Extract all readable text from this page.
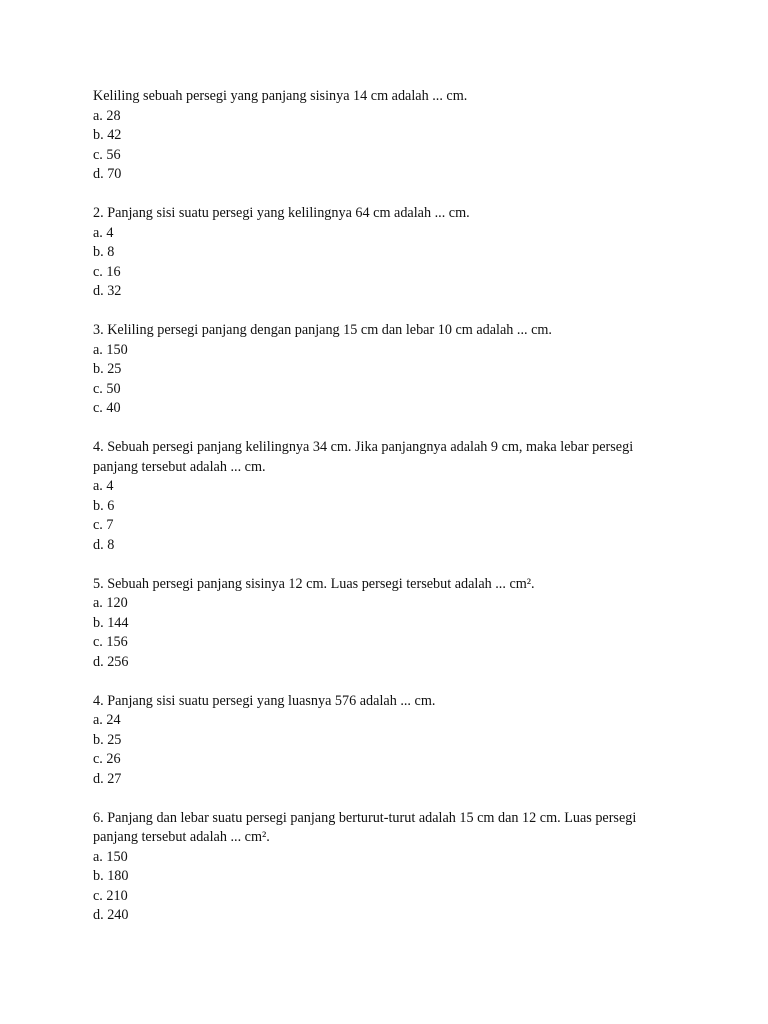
Keliling sebuah persegi yang panjang sisinya 14 cm adalah ... cm.

a. 28
b. 42
c. 56
d. 70

2. Panjang sisi suatu persegi yang kelilingnya 64 cm adalah ... cm.

a. 4
b. 8
c. 16
d. 32

3. Keliling persegi panjang dengan panjang 15 cm dan lebar 10 cm adalah ... cm.

a. 150
b. 25
c. 50
c. 40

4. Sebuah persegi panjang kelilingnya 34 cm. Jika panjangnya adalah 9 cm, maka lebar persegi panjang tersebut adalah ... cm.

a. 4
b. 6
c. 7
d. 8

5. Sebuah persegi panjang sisinya 12 cm. Luas persegi tersebut adalah ... cm².

a. 120
b. 144
c. 156
d. 256

4. Panjang sisi suatu persegi yang luasnya 576 adalah ... cm.

a. 24
b. 25
c. 26
d. 27

6. Panjang dan lebar suatu persegi panjang berturut-turut adalah 15 cm dan 12 cm. Luas persegi panjang tersebut adalah ... cm².

a. 150
b. 180
c. 210
d. 240
